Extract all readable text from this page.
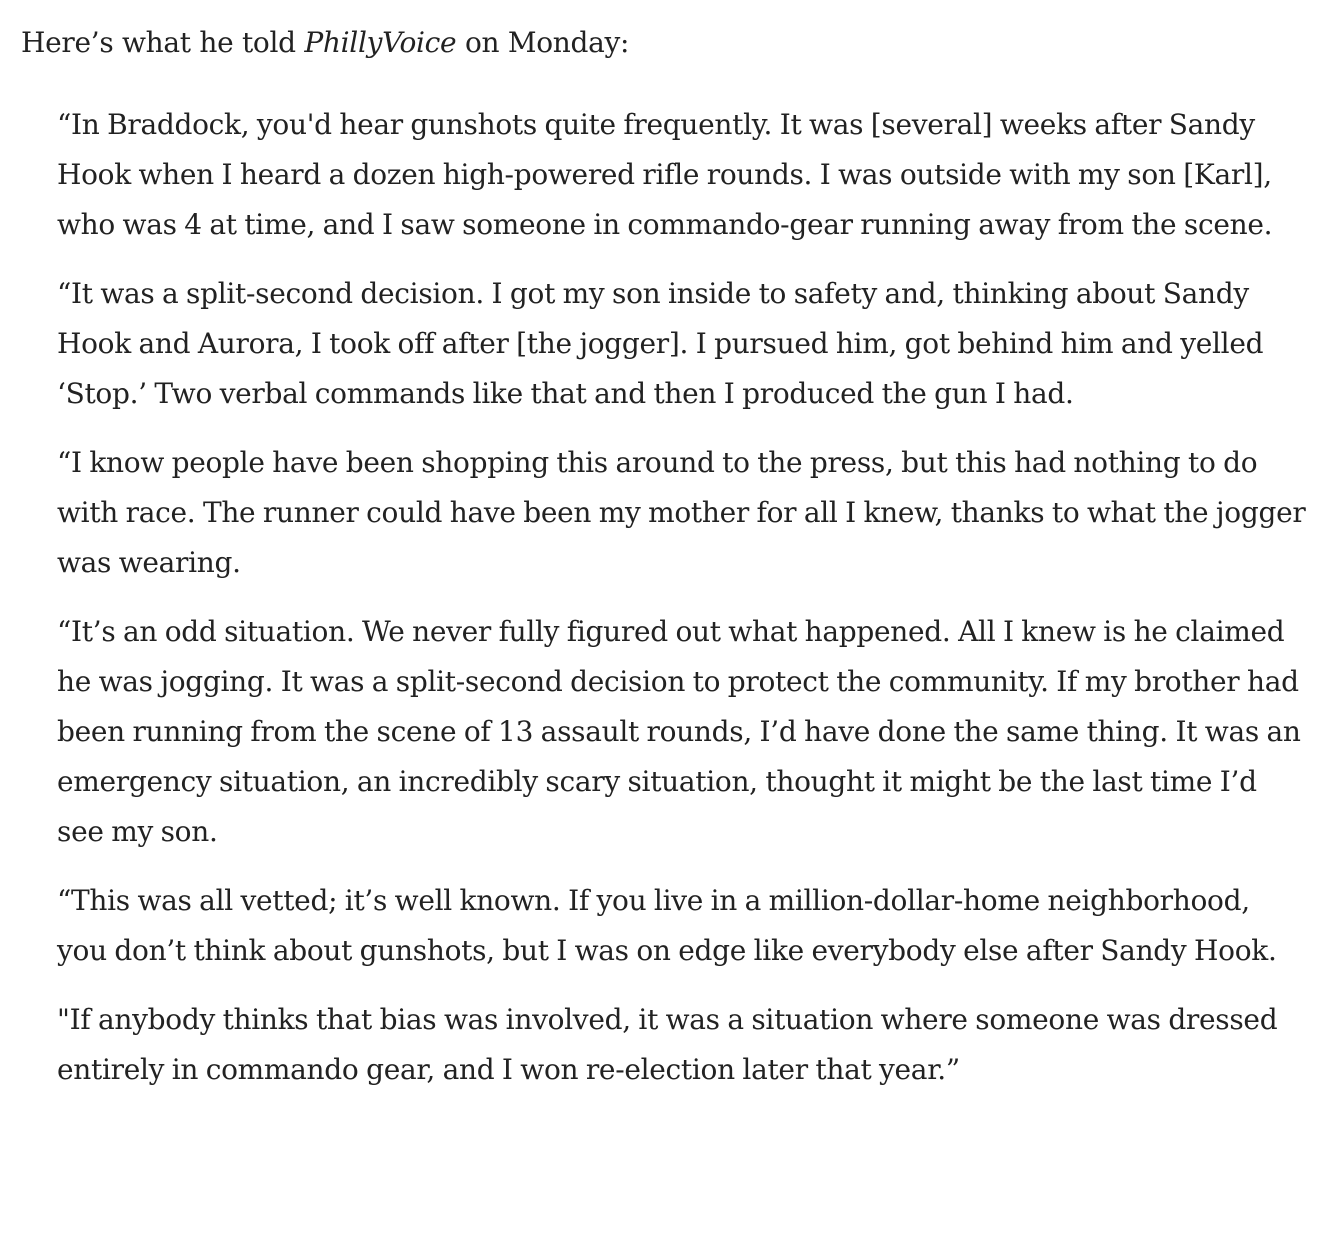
Here’s what he told PhillyVoice on Monday:

“In Braddock, you'd hear gunshots quite frequently. It was [several] weeks after Sandy Hook when I heard a dozen high-powered rifle rounds. I was outside with my son [Karl], who was 4 at time, and I saw someone in commando-gear running away from the scene.

“It was a split-second decision. I got my son inside to safety and, thinking about Sandy Hook and Aurora, I took off after [the jogger]. I pursued him, got behind him and yelled ‘Stop.’ Two verbal commands like that and then I produced the gun I had.

“I know people have been shopping this around to the press, but this had nothing to do with race. The runner could have been my mother for all I knew, thanks to what the jogger was wearing.

“It’s an odd situation. We never fully figured out what happened. All I knew is he claimed he was jogging. It was a split-second decision to protect the community. If my brother had been running from the scene of 13 assault rounds, I’d have done the same thing. It was an emergency situation, an incredibly scary situation, thought it might be the last time I’d see my son.

“This was all vetted; it’s well known. If you live in a million-dollar-home neighborhood, you don’t think about gunshots, but I was on edge like everybody else after Sandy Hook.

"If anybody thinks that bias was involved, it was a situation where someone was dressed entirely in commando gear, and I won re-election later that year.”
